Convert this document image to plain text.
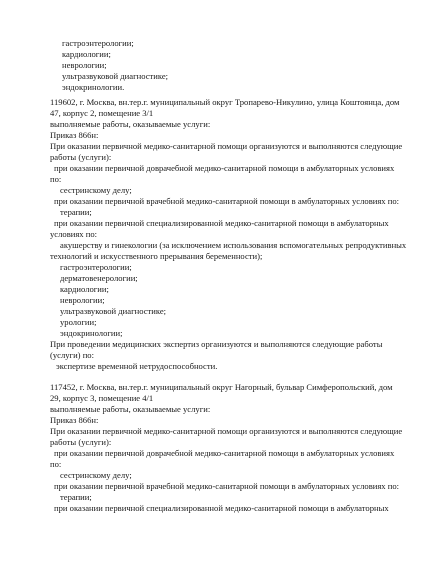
гастроэнтерологии;
кардиологии;
неврологии;
ультразвуковой диагностике;
эндокринологии.
119602, г. Москва, вн.тер.г. муниципальный округ Тропарево-Никулино, улица Коштоянца, дом
47, корпус 2, помещение 3/1
выполняемые работы, оказываемые услуги:
Приказ 866н:
При оказании первичной медико-санитарной помощи организуются и выполняются следующие
работы (услуги):
при оказании первичной доврачебной медико-санитарной помощи в амбулаторных условиях
по:
сестринскому делу;
при оказании первичной врачебной медико-санитарной помощи в амбулаторных условиях по:
терапии;
при оказании первичной специализированной медико-санитарной помощи в амбулаторных
условиях по:
акушерству и гинекологии (за исключением использования вспомогательных репродуктивных
технологий и искусственного прерывания беременности);
гастроэнтерологии;
дерматовенерологии;
кардиологии;
неврологии;
ультразвуковой диагностике;
урологии;
эндокринологии;
При проведении медицинских экспертиз организуются и выполняются следующие работы
(услуги) по:
экспертизе временной нетрудоспособности.
117452, г. Москва, вн.тер.г. муниципальный округ Нагорный, бульвар Симферопольский, дом
29, корпус 3, помещение 4/1
выполняемые работы, оказываемые услуги:
Приказ 866н:
При оказании первичной медико-санитарной помощи организуются и выполняются следующие
работы (услуги):
при оказании первичной доврачебной медико-санитарной помощи в амбулаторных условиях
по:
сестринскому делу;
при оказании первичной врачебной медико-санитарной помощи в амбулаторных условиях по:
терапии;
при оказании первичной специализированной медико-санитарной помощи в амбулаторных
